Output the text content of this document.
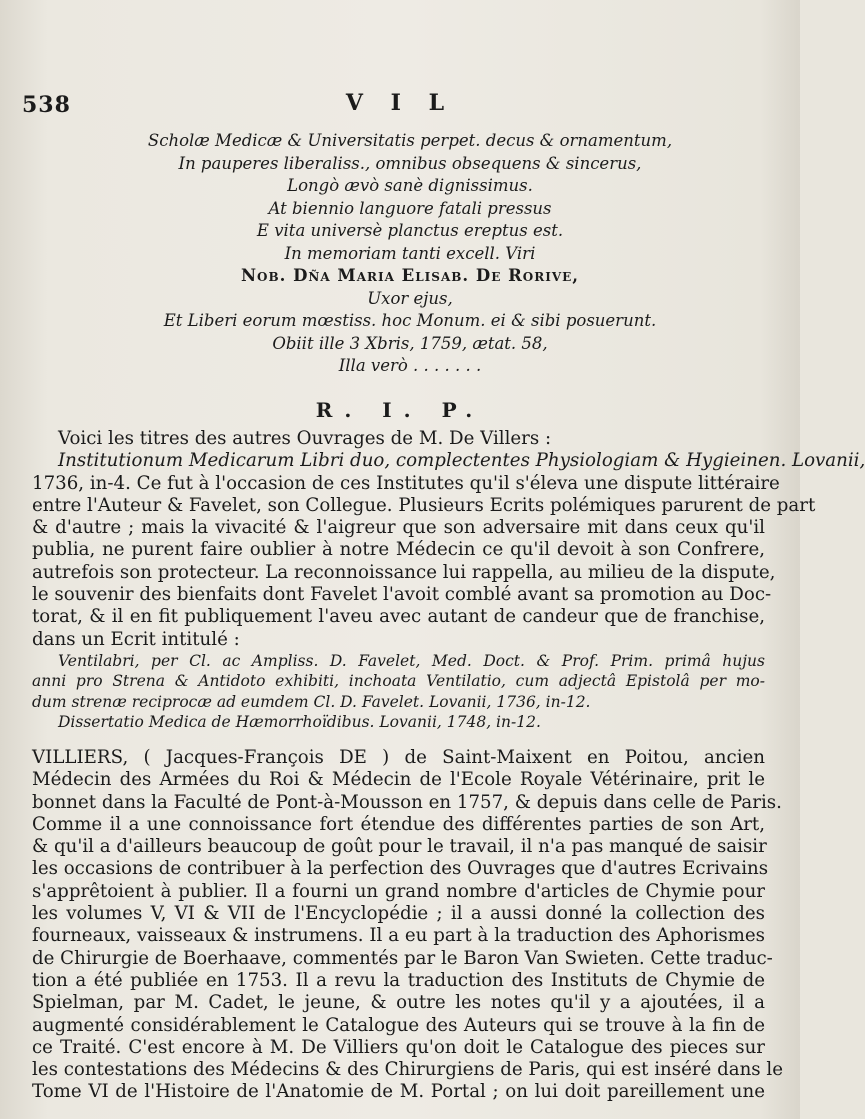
538	V I L
Scholæ Medicæ & Universitatis perpet. decus & ornamentum,
In pauperes liberaliss., omnibus obsequens & sincerus,
Longò ævò sanè dignissimus.
At biennio languore fatali pressus
E vita universè planctus ereptus est.
In memoriam tanti excell. Viri
Nob. Dña Maria Elisab. De Rorive,
Uxor ejus,
Et Liberi eorum mœstiss. hoc Monum. ei & sibi posuerunt.
Obiit ille 3 Xbris, 1759, ætat. 58,
Illa verò . . . . . . .
R. I. P.
Voici les titres des autres Ouvrages de M. De Villers :
Institutionum Medicarum Libri duo, complectentes Physiologiam & Hygieinen. Lovanii,
1736, in-4. Ce fut à l'occasion de ces Institutes qu'il s'éleva une dispute littéraire
entre l'Auteur & Favelet, son Collegue. Plusieurs Ecrits polémiques parurent de part
& d'autre ; mais la vivacité & l'aigreur que son adversaire mit dans ceux qu'il
publia, ne purent faire oublier à notre Médecin ce qu'il devoit à son Confrere,
autrefois son protecteur. La reconnoissance lui rappella, au milieu de la dispute,
le souvenir des bienfaits dont Favelet l'avoit comblé avant sa promotion au Doc-
torat, & il en fit publiquement l'aveu avec autant de candeur que de franchise,
dans un Ecrit intitulé :
Ventilabri, per Cl. ac Ampliss. D. Favelet, Med. Doct. & Prof. Prim. primâ hujus
anni pro Strena & Antidoto exhibiti, inchoata Ventilatio, cum adjectâ Epistolâ per mo-
dum strenæ reciprocæ ad eumdem Cl. D. Favelet. Lovanii, 1736, in-12.
Dissertatio Medica de Hæmorrhoïdibus. Lovanii, 1748, in-12.
VILLIERS, ( Jacques-François DE ) de Saint-Maixent en Poitou, ancien
Médecin des Armées du Roi & Médecin de l'Ecole Royale Vétérinaire, prit le
bonnet dans la Faculté de Pont-à-Mousson en 1757, & depuis dans celle de Paris.
Comme il a une connoissance fort étendue des différentes parties de son Art,
& qu'il a d'ailleurs beaucoup de goût pour le travail, il n'a pas manqué de saisir
les occasions de contribuer à la perfection des Ouvrages que d'autres Ecrivains
s'apprêtoient à publier. Il a fourni un grand nombre d'articles de Chymie pour
les volumes V, VI & VII de l'Encyclopédie ; il a aussi donné la collection des
fourneaux, vaisseaux & instrumens. Il a eu part à la traduction des Aphorismes
de Chirurgie de Boerhaave, commentés par le Baron Van Swieten. Cette traduc-
tion a été publiée en 1753. Il a revu la traduction des Instituts de Chymie de
Spielman, par M. Cadet, le jeune, & outre les notes qu'il y a ajoutées, il a
augmenté considérablement le Catalogue des Auteurs qui se trouve à la fin de
ce Traité. C'est encore à M. De Villiers qu'on doit le Catalogue des pieces sur
les contestations des Médecins & des Chirurgiens de Paris, qui est inséré dans le
Tome VI de l'Histoire de l'Anatomie de M. Portal ; on lui doit pareillement une
